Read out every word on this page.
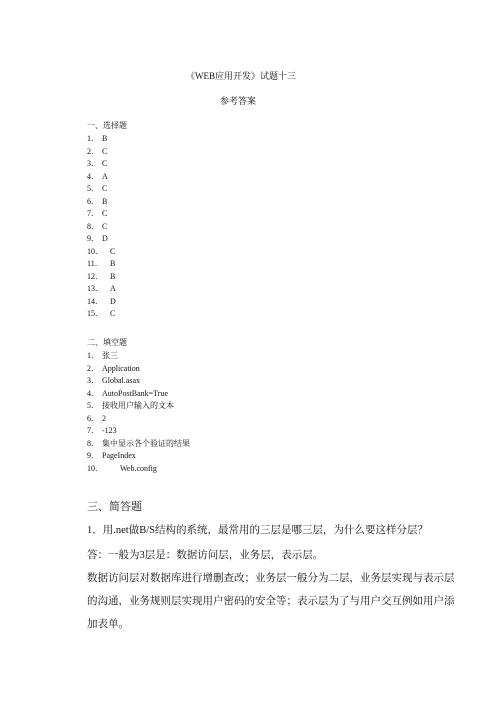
《WEB应用开发》试题十三
参考答案
一、选择题
1． B
2． C
3． C
4． A
5． C
6． B
7． C
8． C
9． D
10． C
11． B
12． B
13． A
14． D
15． C
二、填空题
1． 张三
2． Application
3． Global.asax
4． AutoPostBank=True
5． 接收用户输入的文本
6． 2
7． -123
8． 集中显示各个验证的结果
9． PageIndex
10． Web.config
三、简答题
1．用.net做B/S结构的系统，最常用的三层是哪三层，为什么要这样分层？
答：一般为3层是：数据访问层，业务层，表示层。
数据访问层对数据库进行增删查改；业务层一般分为二层，业务层实现与表示层
的沟通，业务规则层实现用户密码的安全等；表示层为了与用户交互例如用户添
加表单。
